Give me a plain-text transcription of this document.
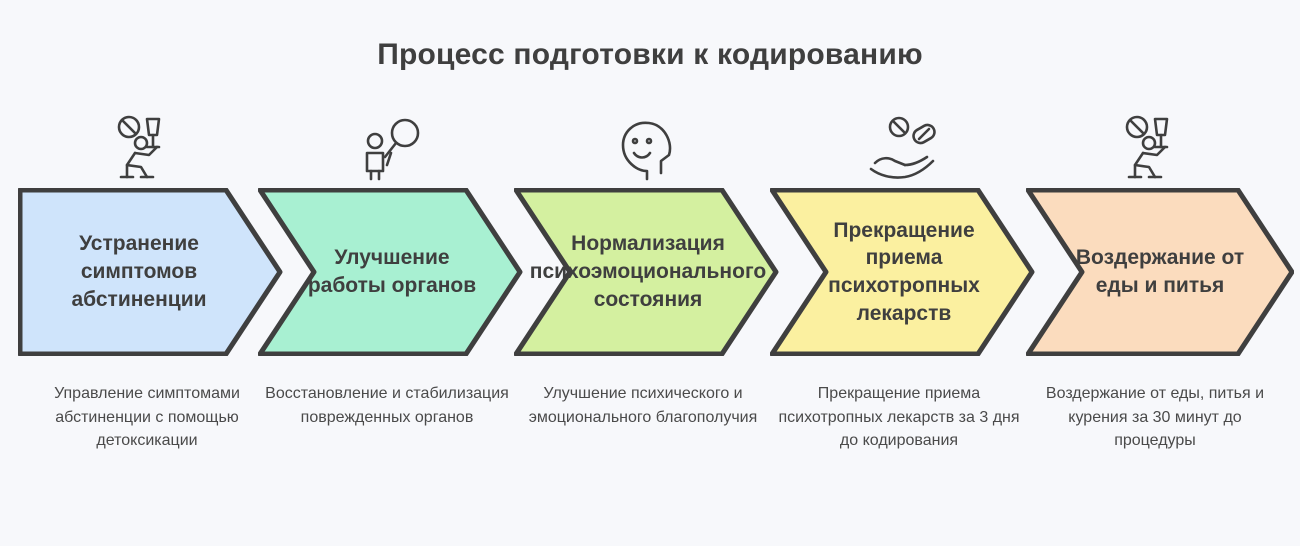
Процесс подготовки к кодированию
Устранение симптомов абстиненции
Управление симптомами абстиненции с помощью детоксикации
Улучшение работы органов
Восстановление и стабилизация поврежденных органов
Нормализация психоэмоционального состояния
Улучшение психического и эмоционального благополучия
Прекращение приема психотропных лекарств
Прекращение приема психотропных лекарств за 3 дня до кодирования
Воздержание от еды и питья
Воздержание от еды, питья и курения за 30 минут до процедуры
